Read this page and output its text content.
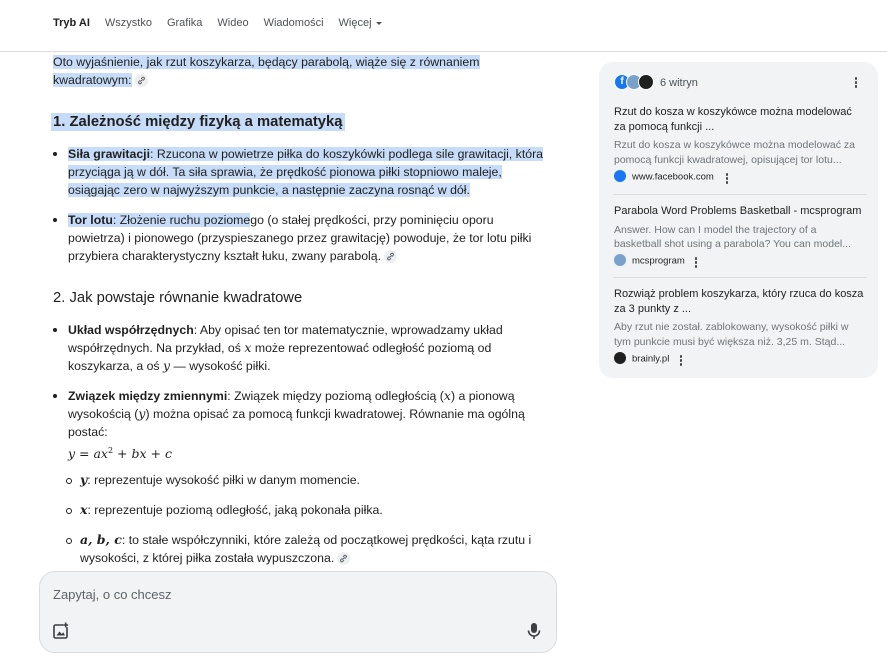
Tryb AI Wszystko Grafika Wideo Wiadomości Więcej

Oto wyjaśnienie, jak rzut koszykarza, będący parabolą, wiąże się z równaniem kwadratowym:

1. Zależność między fizyką a matematyką
Siła grawitacji: Rzucona w powietrze piłka do koszykówki podlega sile grawitacji, która przyciąga ją w dół. Ta siła sprawia, że prędkość pionowa piłki stopniowo maleje, osiągając zero w najwyższym punkcie, a następnie zaczyna rosnąć w dół.
Tor lotu: Złożenie ruchu poziomego (o stałej prędkości, przy pominięciu oporu powietrza) i pionowego (przyspieszanego przez grawitację) powoduje, że tor lotu piłki przybiera charakterystyczny kształt łuku, zwany parabolą.
2. Jak powstaje równanie kwadratowe
Układ współrzędnych: Aby opisać ten tor matematycznie, wprowadzamy układ współrzędnych. Na przykład, oś x może reprezentować odległość poziomą od koszykarza, a oś y — wysokość piłki.
Związek między zmiennymi: Związek między poziomą odległością (x) a pionową wysokością (y) można opisać za pomocą funkcji kwadratowej. Równanie ma ogólną postać:
$y = ax^2$ + bx + c
y: reprezentuje wysokość piłki w danym momencie.
x: reprezentuje poziomą odległość, jaką pokonała piłka.
a, b, c: to stałe współczynniki, które zależą od początkowej prędkości, kąta rzutu i wysokości, z której piłka została wypuszczona.
Zapytaj, o co chcesz
f	6 witryn
Rzut do kosza w koszykówce można modelować za pomocą funkcji ...
Rzut do kosza w koszykówce można modelować za pomocą funkcji kwadratowej, opisującej tor lotu...
www.facebook.com
Parabola Word Problems Basketball - mcsprogram
Answer. How can I model the trajectory of a basketball shot using a parabola? You can model...
mcsprogram
Rozwiąż problem koszykarza, który rzuca do kosza za 3 punkty z ...
Aby rzut nie został. zablokowany, wysokość piłki w tym punkcie musi być większa niż. 3,25 m. Stąd...
brainly.pl
